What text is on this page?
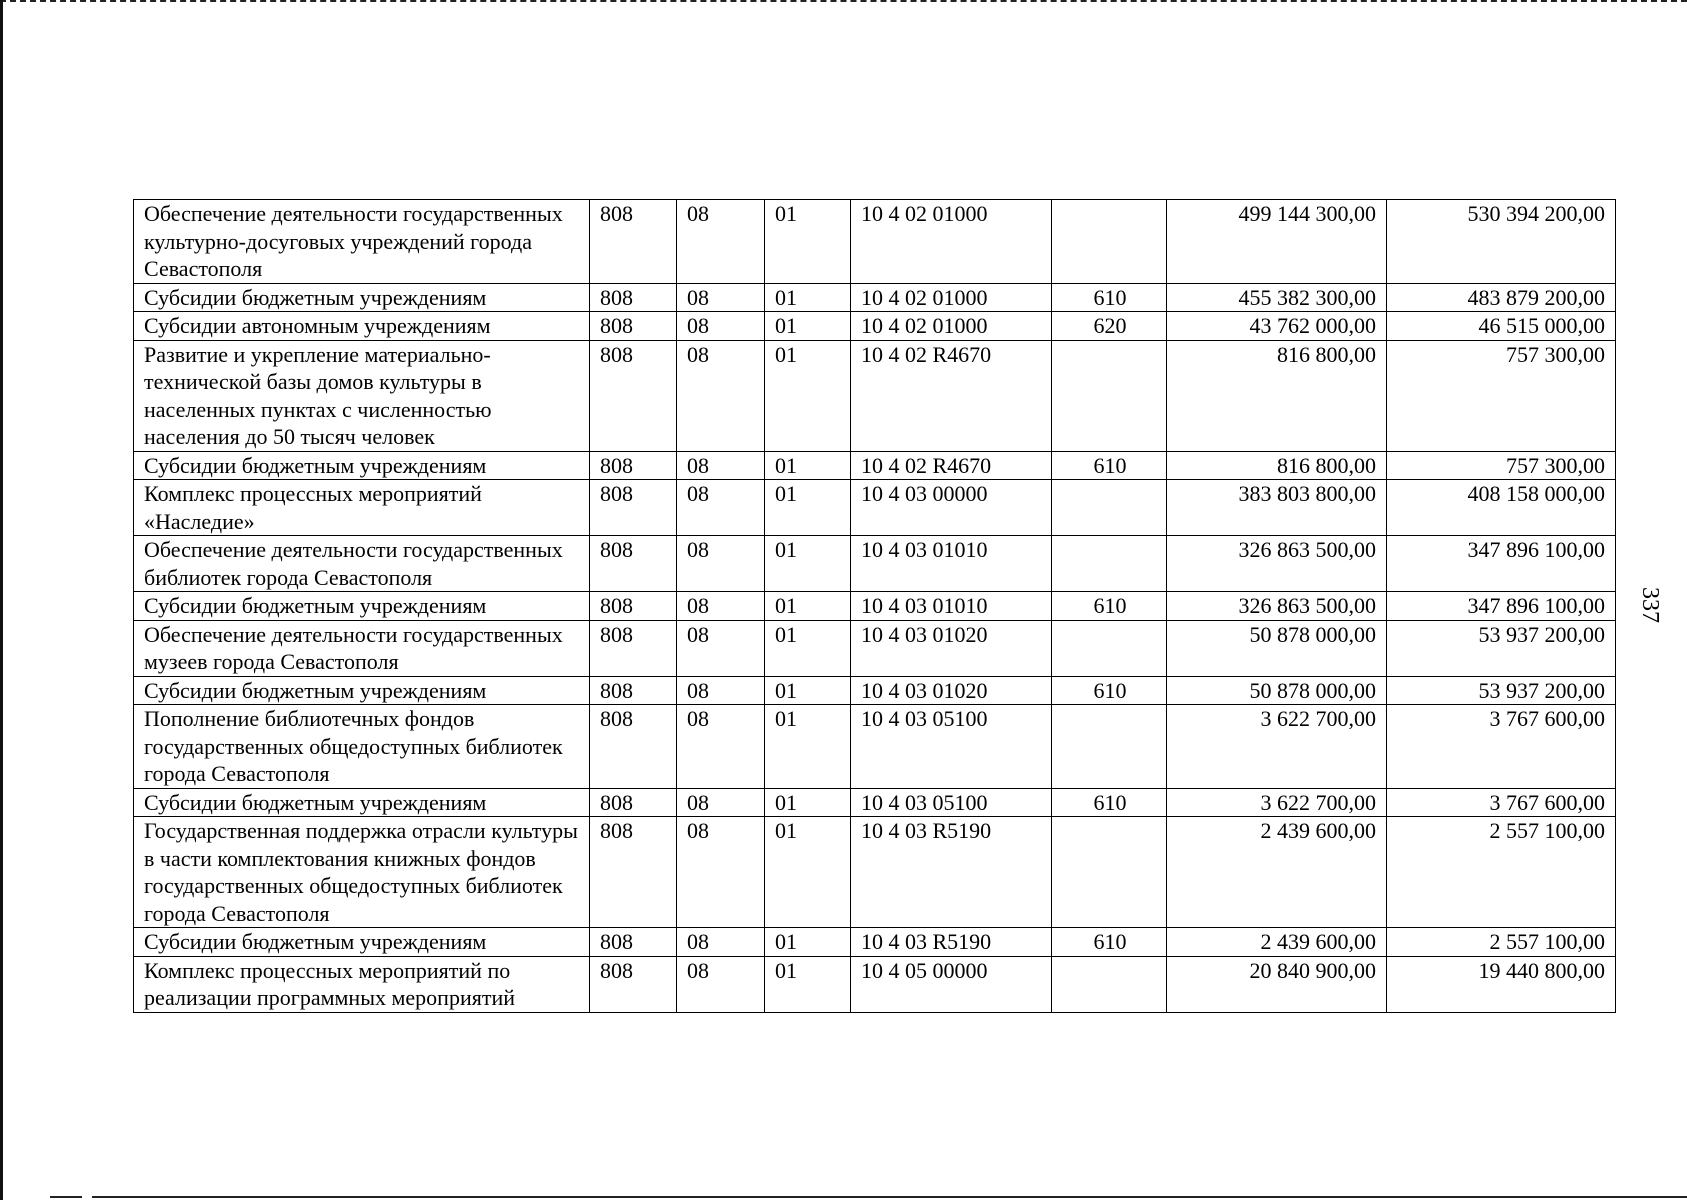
337
Обеспечение деятельности государственных культурно-досуговых учреждений города Севастополя	808	08	01	10 4 02 01000		499 144 300,00	530 394 200,00
Субсидии бюджетным учреждениям	808	08	01	10 4 02 01000	610	455 382 300,00	483 879 200,00
Субсидии автономным учреждениям	808	08	01	10 4 02 01000	620	43 762 000,00	46 515 000,00
Развитие и укрепление материально-технической базы домов культуры в населенных пунктах с численностью населения до 50 тысяч человек	808	08	01	10 4 02 R4670		816 800,00	757 300,00
Субсидии бюджетным учреждениям	808	08	01	10 4 02 R4670	610	816 800,00	757 300,00
Комплекс процессных мероприятий «Наследие»	808	08	01	10 4 03 00000		383 803 800,00	408 158 000,00
Обеспечение деятельности государственных библиотек города Севастополя	808	08	01	10 4 03 01010		326 863 500,00	347 896 100,00
Субсидии бюджетным учреждениям	808	08	01	10 4 03 01010	610	326 863 500,00	347 896 100,00
Обеспечение деятельности государственных музеев города Севастополя	808	08	01	10 4 03 01020		50 878 000,00	53 937 200,00
Субсидии бюджетным учреждениям	808	08	01	10 4 03 01020	610	50 878 000,00	53 937 200,00
Пополнение библиотечных фондов государственных общедоступных библиотек города Севастополя	808	08	01	10 4 03 05100		3 622 700,00	3 767 600,00
Субсидии бюджетным учреждениям	808	08	01	10 4 03 05100	610	3 622 700,00	3 767 600,00
Государственная поддержка отрасли культуры в части комплектования книжных фондов государственных общедоступных библиотек города Севастополя	808	08	01	10 4 03 R5190		2 439 600,00	2 557 100,00
Субсидии бюджетным учреждениям	808	08	01	10 4 03 R5190	610	2 439 600,00	2 557 100,00
Комплекс процессных мероприятий по реализации программных мероприятий	808	08	01	10 4 05 00000		20 840 900,00	19 440 800,00
